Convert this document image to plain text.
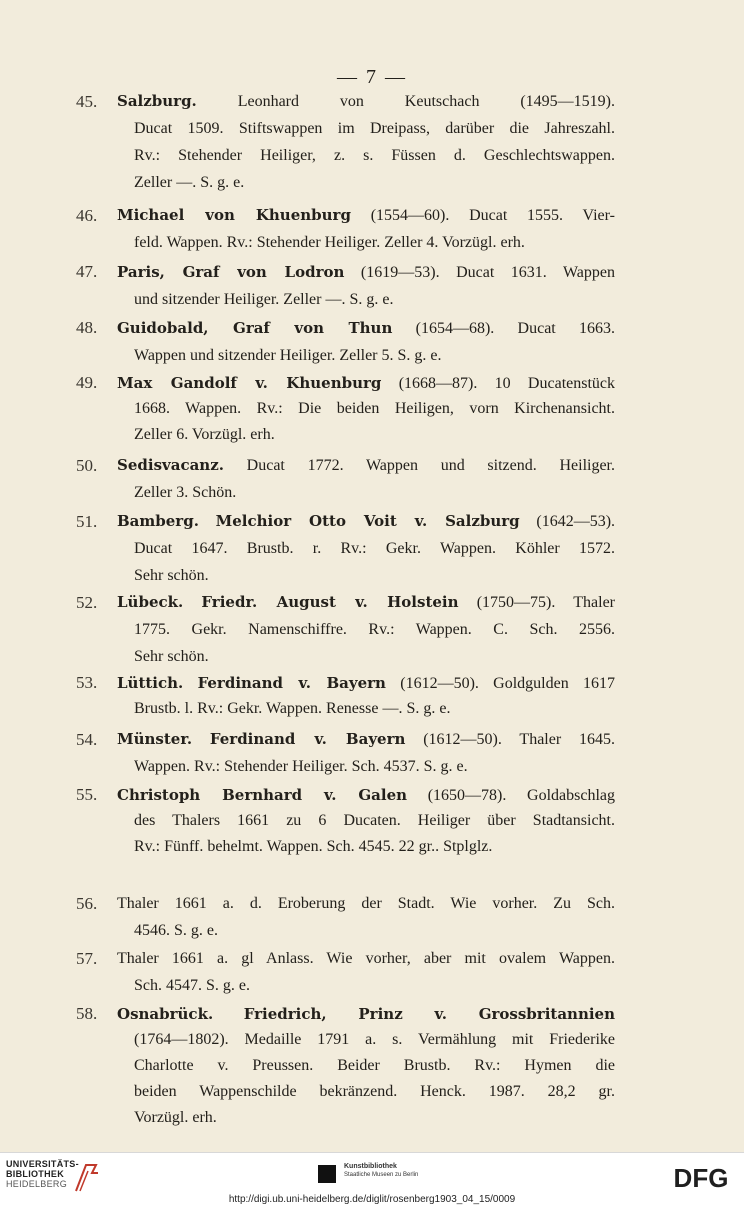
— 7 —
45.	Salzburg. Leonhard von Keutschach (1495—1519).
Ducat 1509. Stiftswappen im Dreipass, darüber die Jahreszahl.
Rv.: Stehender Heiliger, z. s. Füssen d. Geschlechtswappen.
Zeller —. S. g. e.
46.	Michael von Khuenburg (1554—60). Ducat 1555. Vier-
feld. Wappen. Rv.: Stehender Heiliger. Zeller 4. Vorzügl. erh.
47.	Paris, Graf von Lodron (1619—53). Ducat 1631. Wappen
und sitzender Heiliger. Zeller —. S. g. e.
48.	Guidobald, Graf von Thun (1654—68). Ducat 1663.
Wappen und sitzender Heiliger. Zeller 5. S. g. e.
49.	Max Gandolf v. Khuenburg (1668—87). 10 Ducatenstück
1668. Wappen. Rv.: Die beiden Heiligen, vorn Kirchenansicht.
Zeller 6. Vorzügl. erh.
50.	Sedisvacanz. Ducat 1772. Wappen und sitzend. Heiliger.
Zeller 3. Schön.
51.	Bamberg. Melchior Otto Voit v. Salzburg (1642—53).
Ducat 1647. Brustb. r. Rv.: Gekr. Wappen. Köhler 1572.
Sehr schön.
52.	Lübeck. Friedr. August v. Holstein (1750—75). Thaler
1775. Gekr. Namenschiffre. Rv.: Wappen. C. Sch. 2556.
Sehr schön.
53.	Lüttich. Ferdinand v. Bayern (1612—50). Goldgulden 1617
Brustb. l. Rv.: Gekr. Wappen. Renesse —. S. g. e.
54.	Münster. Ferdinand v. Bayern (1612—50). Thaler 1645.
Wappen. Rv.: Stehender Heiliger. Sch. 4537. S. g. e.
55.	Christoph Bernhard v. Galen (1650—78). Goldabschlag
des Thalers 1661 zu 6 Ducaten. Heiliger über Stadtansicht.
Rv.: Fünff. behelmt. Wappen. Sch. 4545. 22 gr.. Stplglz.
56.	Thaler 1661 a. d. Eroberung der Stadt. Wie vorher. Zu Sch.
4546. S. g. e.
57.	Thaler 1661 a. gl Anlass. Wie vorher, aber mit ovalem Wappen.
Sch. 4547. S. g. e.
58.	Osnabrück. Friedrich, Prinz v. Grossbritannien
(1764—1802). Medaille 1791 a. s. Vermählung mit Friederike
Charlotte v. Preussen. Beider Brustb. Rv.: Hymen die
beiden Wappenschilde bekränzend. Henck. 1987. 28,2 gr.
Vorzügl. erh.
UNIVERSITÄTS-
BIBLIOTHEK
HEIDELBERG
Kunstbibliothek
Staatliche Museen zu Berlin	DFG
http://digi.ub.uni-heidelberg.de/diglit/rosenberg1903_04_15/0009
